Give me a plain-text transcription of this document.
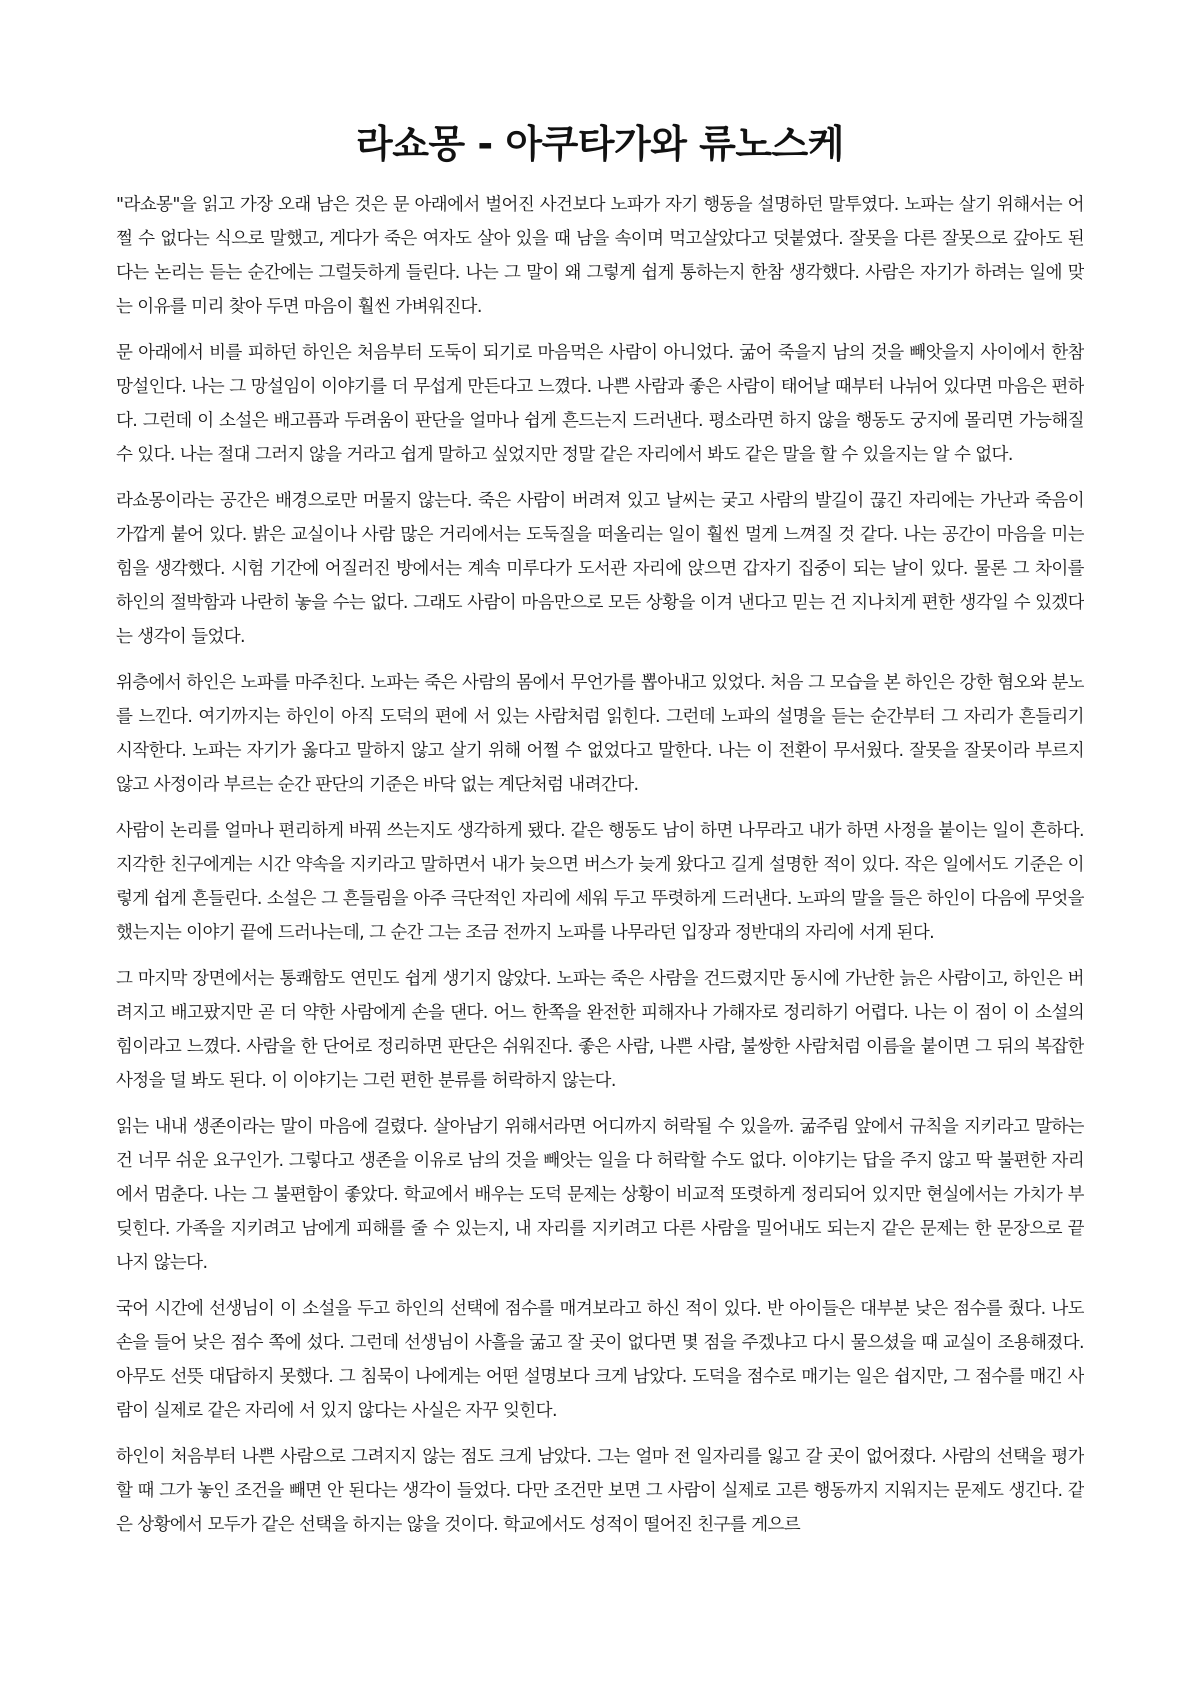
라쇼몽 - 아쿠타가와 류노스케

"라쇼몽"을 읽고 가장 오래 남은 것은 문 아래에서 벌어진 사건보다 노파가 자기 행동을 설명하던 말투였다. 노파는 살기 위해서는 어쩔 수 없다는 식으로 말했고, 게다가 죽은 여자도 살아 있을 때 남을 속이며 먹고살았다고 덧붙였다. 잘못을 다른 잘못으로 갚아도 된다는 논리는 듣는 순간에는 그럴듯하게 들린다. 나는 그 말이 왜 그렇게 쉽게 통하는지 한참 생각했다. 사람은 자기가 하려는 일에 맞는 이유를 미리 찾아 두면 마음이 훨씬 가벼워진다.

문 아래에서 비를 피하던 하인은 처음부터 도둑이 되기로 마음먹은 사람이 아니었다. 굶어 죽을지 남의 것을 빼앗을지 사이에서 한참 망설인다. 나는 그 망설임이 이야기를 더 무섭게 만든다고 느꼈다. 나쁜 사람과 좋은 사람이 태어날 때부터 나뉘어 있다면 마음은 편하다. 그런데 이 소설은 배고픔과 두려움이 판단을 얼마나 쉽게 흔드는지 드러낸다. 평소라면 하지 않을 행동도 궁지에 몰리면 가능해질 수 있다. 나는 절대 그러지 않을 거라고 쉽게 말하고 싶었지만 정말 같은 자리에서 봐도 같은 말을 할 수 있을지는 알 수 없다.

라쇼몽이라는 공간은 배경으로만 머물지 않는다. 죽은 사람이 버려져 있고 날씨는 궂고 사람의 발길이 끊긴 자리에는 가난과 죽음이 가깝게 붙어 있다. 밝은 교실이나 사람 많은 거리에서는 도둑질을 떠올리는 일이 훨씬 멀게 느껴질 것 같다. 나는 공간이 마음을 미는 힘을 생각했다. 시험 기간에 어질러진 방에서는 계속 미루다가 도서관 자리에 앉으면 갑자기 집중이 되는 날이 있다. 물론 그 차이를 하인의 절박함과 나란히 놓을 수는 없다. 그래도 사람이 마음만으로 모든 상황을 이겨 낸다고 믿는 건 지나치게 편한 생각일 수 있겠다는 생각이 들었다.

위층에서 하인은 노파를 마주친다. 노파는 죽은 사람의 몸에서 무언가를 뽑아내고 있었다. 처음 그 모습을 본 하인은 강한 혐오와 분노를 느낀다. 여기까지는 하인이 아직 도덕의 편에 서 있는 사람처럼 읽힌다. 그런데 노파의 설명을 듣는 순간부터 그 자리가 흔들리기 시작한다. 노파는 자기가 옳다고 말하지 않고 살기 위해 어쩔 수 없었다고 말한다. 나는 이 전환이 무서웠다. 잘못을 잘못이라 부르지 않고 사정이라 부르는 순간 판단의 기준은 바닥 없는 계단처럼 내려간다.

사람이 논리를 얼마나 편리하게 바꿔 쓰는지도 생각하게 됐다. 같은 행동도 남이 하면 나무라고 내가 하면 사정을 붙이는 일이 흔하다. 지각한 친구에게는 시간 약속을 지키라고 말하면서 내가 늦으면 버스가 늦게 왔다고 길게 설명한 적이 있다. 작은 일에서도 기준은 이렇게 쉽게 흔들린다. 소설은 그 흔들림을 아주 극단적인 자리에 세워 두고 뚜렷하게 드러낸다. 노파의 말을 들은 하인이 다음에 무엇을 했는지는 이야기 끝에 드러나는데, 그 순간 그는 조금 전까지 노파를 나무라던 입장과 정반대의 자리에 서게 된다.

그 마지막 장면에서는 통쾌함도 연민도 쉽게 생기지 않았다. 노파는 죽은 사람을 건드렸지만 동시에 가난한 늙은 사람이고, 하인은 버려지고 배고팠지만 곧 더 약한 사람에게 손을 댄다. 어느 한쪽을 완전한 피해자나 가해자로 정리하기 어렵다. 나는 이 점이 이 소설의 힘이라고 느꼈다. 사람을 한 단어로 정리하면 판단은 쉬워진다. 좋은 사람, 나쁜 사람, 불쌍한 사람처럼 이름을 붙이면 그 뒤의 복잡한 사정을 덜 봐도 된다. 이 이야기는 그런 편한 분류를 허락하지 않는다.

읽는 내내 생존이라는 말이 마음에 걸렸다. 살아남기 위해서라면 어디까지 허락될 수 있을까. 굶주림 앞에서 규칙을 지키라고 말하는 건 너무 쉬운 요구인가. 그렇다고 생존을 이유로 남의 것을 빼앗는 일을 다 허락할 수도 없다. 이야기는 답을 주지 않고 딱 불편한 자리에서 멈춘다. 나는 그 불편함이 좋았다. 학교에서 배우는 도덕 문제는 상황이 비교적 또렷하게 정리되어 있지만 현실에서는 가치가 부딪힌다. 가족을 지키려고 남에게 피해를 줄 수 있는지, 내 자리를 지키려고 다른 사람을 밀어내도 되는지 같은 문제는 한 문장으로 끝나지 않는다.

국어 시간에 선생님이 이 소설을 두고 하인의 선택에 점수를 매겨보라고 하신 적이 있다. 반 아이들은 대부분 낮은 점수를 줬다. 나도 손을 들어 낮은 점수 쪽에 섰다. 그런데 선생님이 사흘을 굶고 잘 곳이 없다면 몇 점을 주겠냐고 다시 물으셨을 때 교실이 조용해졌다. 아무도 선뜻 대답하지 못했다. 그 침묵이 나에게는 어떤 설명보다 크게 남았다. 도덕을 점수로 매기는 일은 쉽지만, 그 점수를 매긴 사람이 실제로 같은 자리에 서 있지 않다는 사실은 자꾸 잊힌다.

하인이 처음부터 나쁜 사람으로 그려지지 않는 점도 크게 남았다. 그는 얼마 전 일자리를 잃고 갈 곳이 없어졌다. 사람의 선택을 평가할 때 그가 놓인 조건을 빼면 안 된다는 생각이 들었다. 다만 조건만 보면 그 사람이 실제로 고른 행동까지 지워지는 문제도 생긴다. 같은 상황에서 모두가 같은 선택을 하지는 않을 것이다. 학교에서도 성적이 떨어진 친구를 게으르
